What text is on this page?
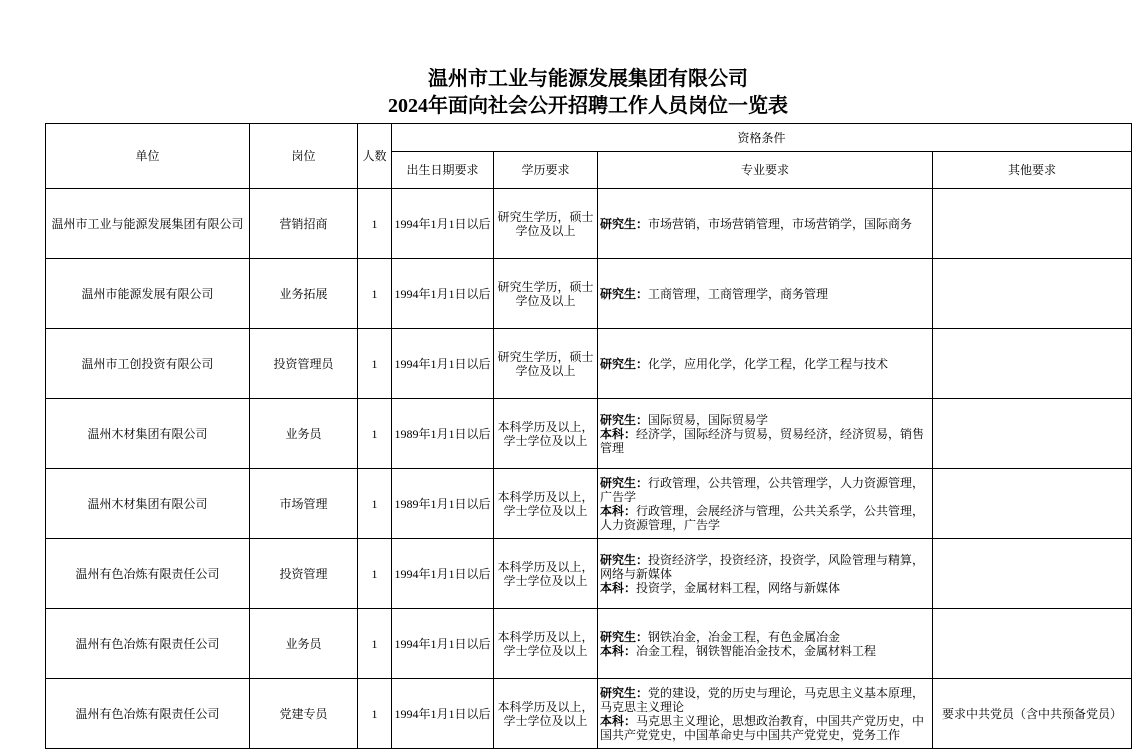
温州市工业与能源发展集团有限公司
2024年面向社会公开招聘工作人员岗位一览表
单位	岗位	人数	资格条件			
			出生日期要求	学历要求	专业要求	其他要求
温州市工业与能源发展集团有限公司	营销招商	1	1994年1月1日以后	研究生学历，硕士学位及以上	研究生：市场营销，市场营销管理，市场营销学，国际商务	

温州市能源发展有限公司	业务拓展	1	1994年1月1日以后	研究生学历，硕士学位及以上	研究生：工商管理，工商管理学，商务管理	

温州市工创投资有限公司	投资管理员	1	1994年1月1日以后	研究生学历，硕士学位及以上	研究生：化学，应用化学，化学工程，化学工程与技术	

温州木材集团有限公司	业务员	1	1989年1月1日以后	本科学历及以上，学士学位及以上	研究生：国际贸易，国际贸易学
本科：经济学，国际经济与贸易，贸易经济，经济贸易，销售管理	

温州木材集团有限公司	市场管理	1	1989年1月1日以后	本科学历及以上，学士学位及以上	研究生：行政管理，公共管理，公共管理学，人力资源管理，广告学
本科：行政管理，会展经济与管理，公共关系学，公共管理，人力资源管理，广告学	

温州有色冶炼有限责任公司	投资管理	1	1994年1月1日以后	本科学历及以上，学士学位及以上	研究生：投资经济学，投资经济，投资学，风险管理与精算，网络与新媒体
本科：投资学，金属材料工程，网络与新媒体	

温州有色冶炼有限责任公司	业务员	1	1994年1月1日以后	本科学历及以上，学士学位及以上	研究生：钢铁冶金，冶金工程，有色金属冶金
本科：冶金工程，钢铁智能冶金技术，金属材料工程	

温州有色冶炼有限责任公司	党建专员	1	1994年1月1日以后	本科学历及以上，学士学位及以上	研究生：党的建设，党的历史与理论，马克思主义基本原理，马克思主义理论
本科：马克思主义理论，思想政治教育，中国共产党历史，中国共产党党史，中国革命史与中国共产党党史，党务工作	要求中共党员（含中共预备党员）
